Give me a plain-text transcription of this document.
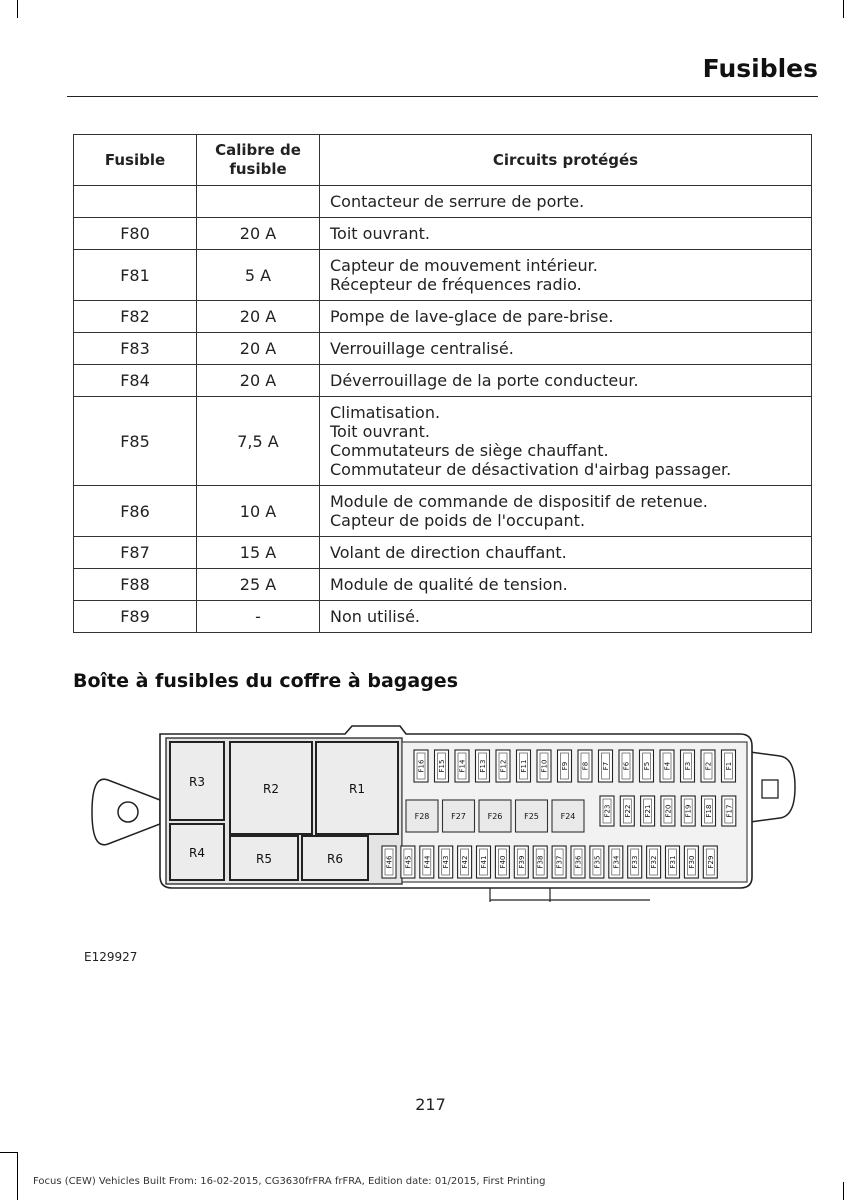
Fusibles
Fusible	Calibre de fusible	Circuits protégés

		Contacteur de serrure de porte.

F80	20 A	Toit ouvrant.

F81	5 A	Capteur de mouvement intérieur.
Récepteur de fréquences radio.

F82	20 A	Pompe de lave-glace de pare-brise.

F83	20 A	Verrouillage centralisé.

F84	20 A	Déverrouillage de la porte conducteur.

F85	7,5 A	Climatisation.
Toit ouvrant.
Commutateurs de siège chauffant.
Commutateur de désactivation d'airbag passager.

F86	10 A	Module de commande de dispositif de retenue.
Capteur de poids de l'occupant.

F87	15 A	Volant de direction chauffant.

F88	25 A	Module de qualité de tension.

F89	-	Non utilisé.
Boîte à fusibles du coffre à bagages
R3	R2	R1
R4	R5	R6
F16 F15 F14 F13 F12 F11 F10 F9 F8 F7 F6 F5 F4 F3 F2 F1
F23 F22 F21 F20 F19 F18 F17
F46 F45 F44 F43 F42 F41 F40 F39 F38 F37 F36 F35 F34 F33 F32 F31 F30 F29
F28	F27	F26	F25	F24
E129927
217
Focus (CEW) Vehicles Built From: 16-02-2015, CG3630frFRA frFRA, Edition date: 01/2015, First Printing
